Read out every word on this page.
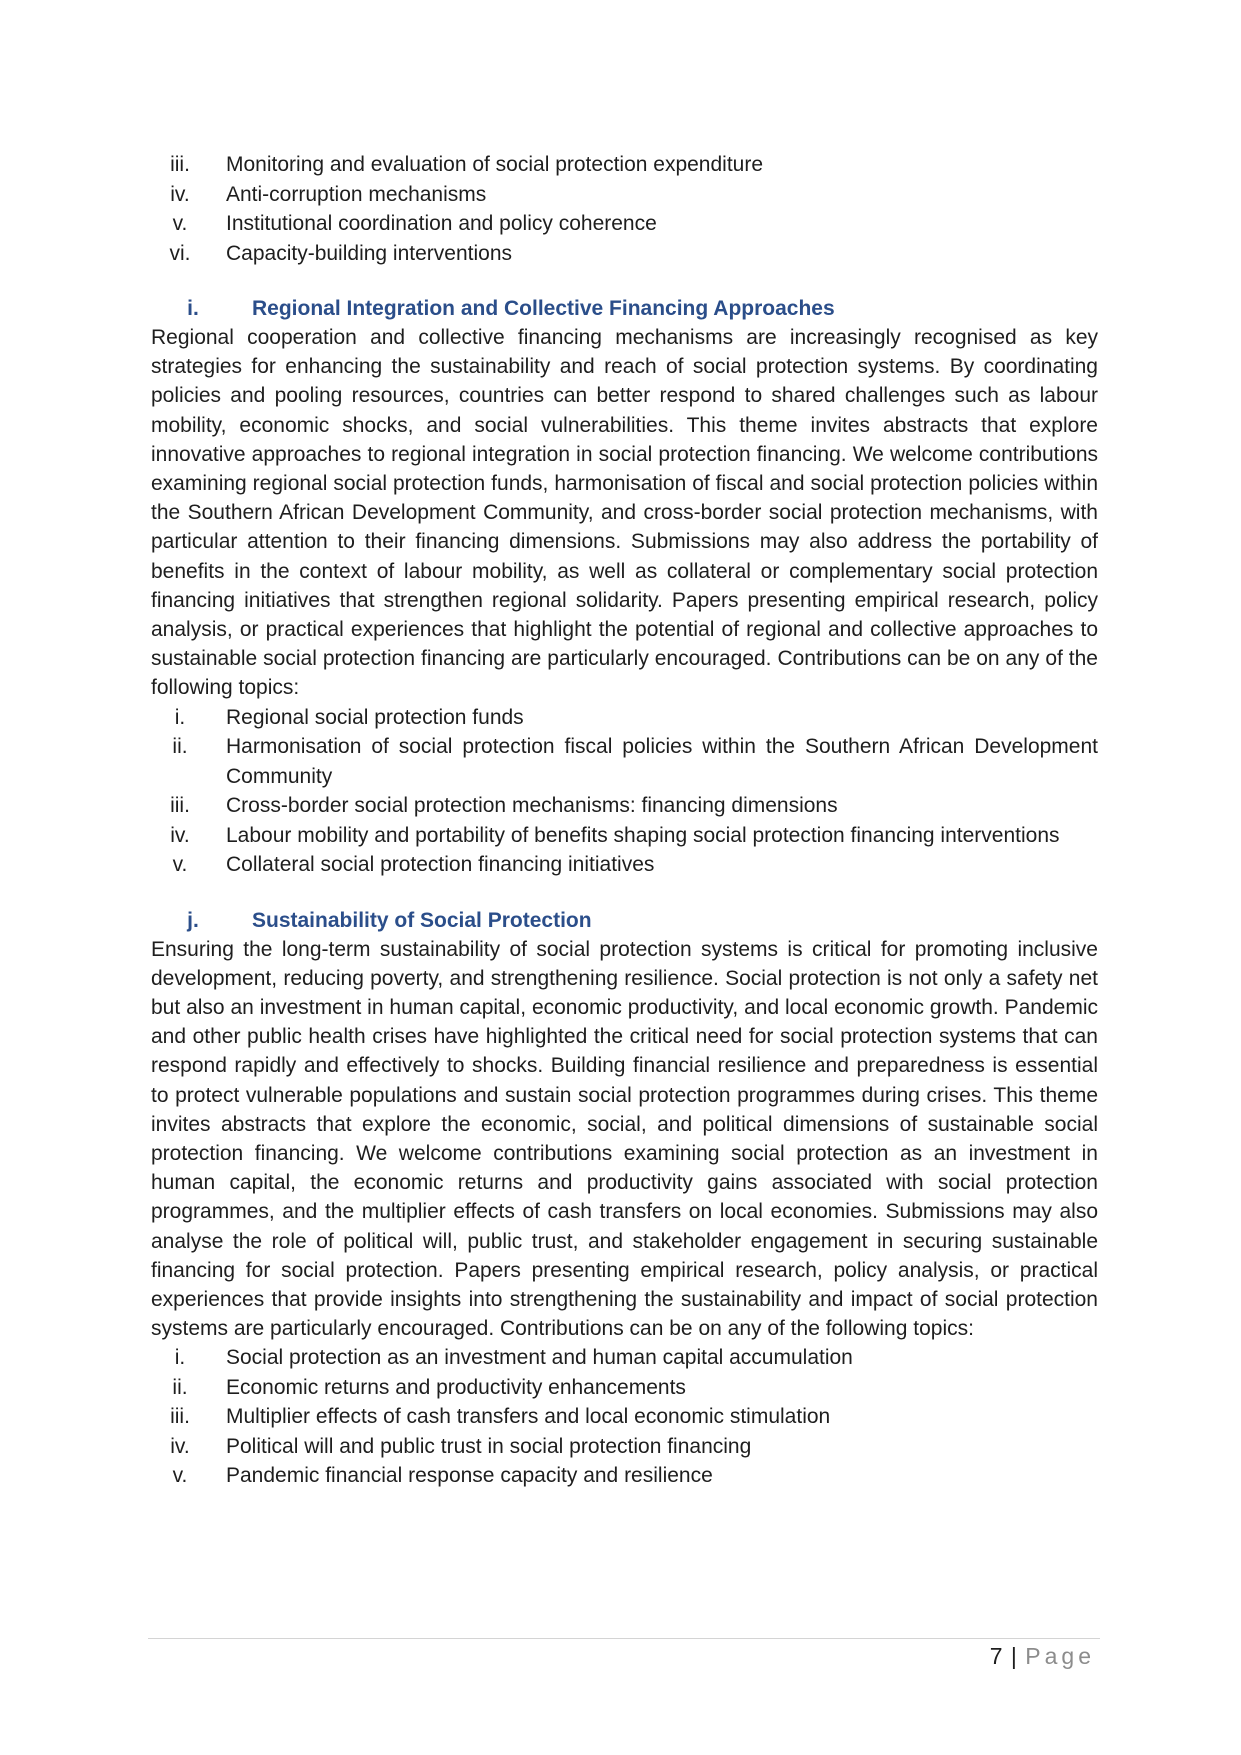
iii.	Monitoring and evaluation of social protection expenditure
iv.	Anti-corruption mechanisms
v.	Institutional coordination and policy coherence
vi.	Capacity-building interventions
i.	Regional Integration and Collective Financing Approaches

Regional cooperation and collective financing mechanisms are increasingly recognised as key strategies for enhancing the sustainability and reach of social protection systems. By coordinating policies and pooling resources, countries can better respond to shared challenges such as labour mobility, economic shocks, and social vulnerabilities. This theme invites abstracts that explore innovative approaches to regional integration in social protection financing. We welcome contributions examining regional social protection funds, harmonisation of fiscal and social protection policies within the Southern African Development Community, and cross-border social protection mechanisms, with particular attention to their financing dimensions. Submissions may also address the portability of benefits in the context of labour mobility, as well as collateral or complementary social protection financing initiatives that strengthen regional solidarity. Papers presenting empirical research, policy analysis, or practical experiences that highlight the potential of regional and collective approaches to sustainable social protection financing are particularly encouraged. Contributions can be on any of the following topics:

i.	Regional social protection funds
ii.	Harmonisation of social protection fiscal policies within the Southern African Development Community
iii.	Cross-border social protection mechanisms: financing dimensions
iv.	Labour mobility and portability of benefits shaping social protection financing interventions
v.	Collateral social protection financing initiatives
j.	Sustainability of Social Protection

Ensuring the long-term sustainability of social protection systems is critical for promoting inclusive development, reducing poverty, and strengthening resilience. Social protection is not only a safety net but also an investment in human capital, economic productivity, and local economic growth. Pandemic and other public health crises have highlighted the critical need for social protection systems that can respond rapidly and effectively to shocks. Building financial resilience and preparedness is essential to protect vulnerable populations and sustain social protection programmes during crises. This theme invites abstracts that explore the economic, social, and political dimensions of sustainable social protection financing. We welcome contributions examining social protection as an investment in human capital, the economic returns and productivity gains associated with social protection programmes, and the multiplier effects of cash transfers on local economies. Submissions may also analyse the role of political will, public trust, and stakeholder engagement in securing sustainable financing for social protection. Papers presenting empirical research, policy analysis, or practical experiences that provide insights into strengthening the sustainability and impact of social protection systems are particularly encouraged. Contributions can be on any of the following topics:

i.	Social protection as an investment and human capital accumulation
ii.	Economic returns and productivity enhancements
iii.	Multiplier effects of cash transfers and local economic stimulation
iv.	Political will and public trust in social protection financing
v.	Pandemic financial response capacity and resilience
7 | Page
